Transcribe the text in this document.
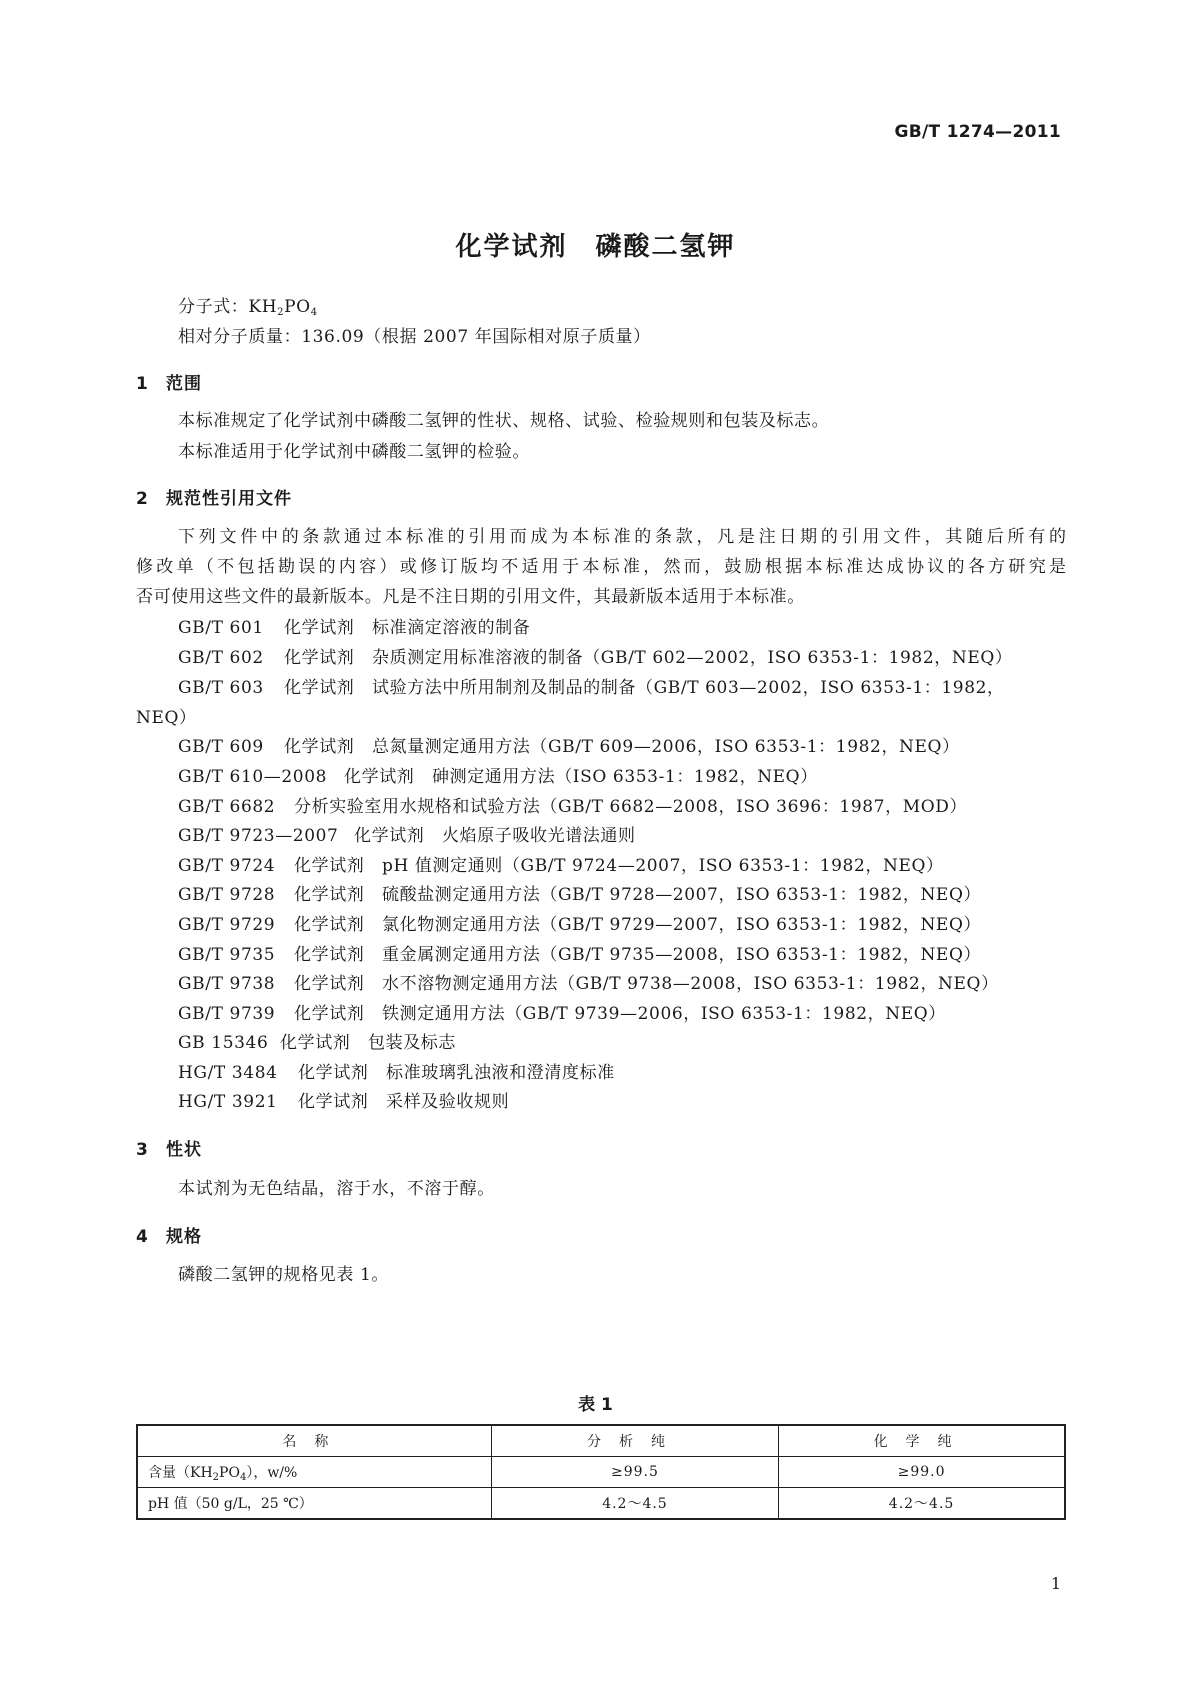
GB/T 1274—2011
化学试剂 磷酸二氢钾
分子式：$KH_2PO_4$
相对分子质量：136.09（根据 2007 年国际相对原子质量）
1 范围
本标准规定了化学试剂中磷酸二氢钾的性状、规格、试验、检验规则和包装及标志。
本标准适用于化学试剂中磷酸二氢钾的检验。
2 规范性引用文件
下列文件中的条款通过本标准的引用而成为本标准的条款，凡是注日期的引用文件，其随后所有的
修改单（不包括勘误的内容）或修订版均不适用于本标准，然而，鼓励根据本标准达成协议的各方研究是
否可使用这些文件的最新版本。凡是不注日期的引用文件，其最新版本适用于本标准。
GB/T 601 化学试剂　标准滴定溶液的制备
GB/T 602 化学试剂　杂质测定用标准溶液的制备（GB/T 602—2002，ISO 6353-1：1982，NEQ）
GB/T 603 化学试剂　试验方法中所用制剂及制品的制备（GB/T 603—2002，ISO 6353-1：1982，
NEQ）
GB/T 609 化学试剂　总氮量测定通用方法（GB/T 609—2006，ISO 6353-1：1982，NEQ）
GB/T 610—2008 化学试剂　砷测定通用方法（ISO 6353-1：1982，NEQ）
GB/T 6682 分析实验室用水规格和试验方法（GB/T 6682—2008，ISO 3696：1987，MOD）
GB/T 9723—2007 化学试剂　火焰原子吸收光谱法通则
GB/T 9724 化学试剂　pH 值测定通则（GB/T 9724—2007，ISO 6353-1：1982，NEQ）
GB/T 9728 化学试剂　硫酸盐测定通用方法（GB/T 9728—2007，ISO 6353-1：1982，NEQ）
GB/T 9729 化学试剂　氯化物测定通用方法（GB/T 9729—2007，ISO 6353-1：1982，NEQ）
GB/T 9735 化学试剂　重金属测定通用方法（GB/T 9735—2008，ISO 6353-1：1982，NEQ）
GB/T 9738 化学试剂　水不溶物测定通用方法（GB/T 9738—2008，ISO 6353-1：1982，NEQ）
GB/T 9739 化学试剂　铁测定通用方法（GB/T 9739—2006，ISO 6353-1：1982，NEQ）
GB 15346 化学试剂　包装及标志
HG/T 3484 化学试剂　标准玻璃乳浊液和澄清度标准
HG/T 3921 化学试剂　采样及验收规则
3 性状
本试剂为无色结晶，溶于水，不溶于醇。
4 规格
磷酸二氢钾的规格见表 1。
表 1
名称	分析纯	化学纯
含量$(KH_2PO_4)$，w/%	≥99.5	≥99.0
pH 值（50 g/L，25 ℃）	4.2～4.5	4.2～4.5
1
